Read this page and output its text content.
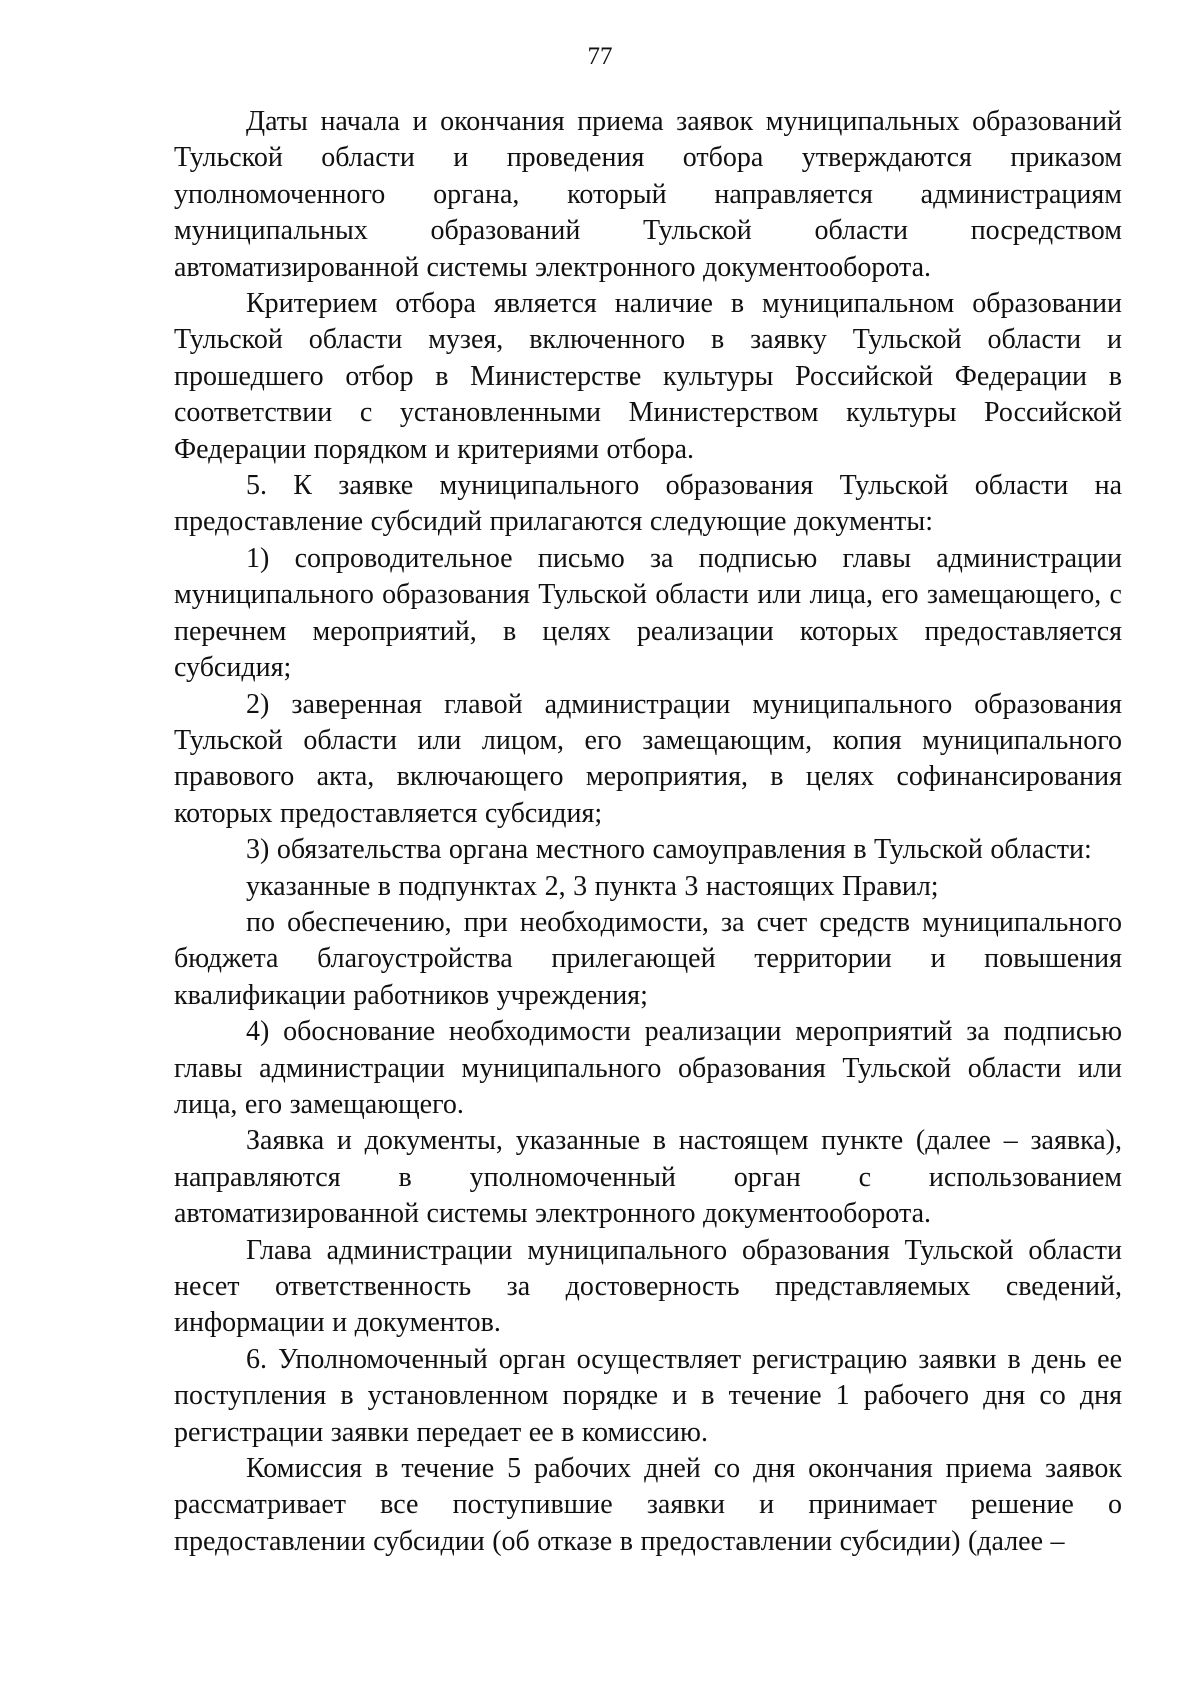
77

Даты начала и окончания приема заявок муниципальных образований Тульской области и проведения отбора утверждаются приказом уполномоченного органа, который направляется администрациям муниципальных образований Тульской области посредством автоматизированной системы электронного документооборота.

Критерием отбора является наличие в муниципальном образовании Тульской области музея, включенного в заявку Тульской области и прошедшего отбор в Министерстве культуры Российской Федерации в соответствии с установленными Министерством культуры Российской Федерации порядком и критериями отбора.

5. К заявке муниципального образования Тульской области на предоставление субсидий прилагаются следующие документы:

1) сопроводительное письмо за подписью главы администрации муниципального образования Тульской области или лица, его замещающего, с перечнем мероприятий, в целях реализации которых предоставляется субсидия;

2) заверенная главой администрации муниципального образования Тульской области или лицом, его замещающим, копия муниципального правового акта, включающего мероприятия, в целях софинансирования которых предоставляется субсидия;

3) обязательства органа местного самоуправления в Тульской области:

указанные в подпунктах 2, 3 пункта 3 настоящих Правил;

по обеспечению, при необходимости, за счет средств муниципального бюджета благоустройства прилегающей территории и повышения квалификации работников учреждения;

4) обоснование необходимости реализации мероприятий за подписью главы администрации муниципального образования Тульской области или лица, его замещающего.

Заявка и документы, указанные в настоящем пункте (далее – заявка), направляются в уполномоченный орган с использованием автоматизированной системы электронного документооборота.

Глава администрации муниципального образования Тульской области несет ответственность за достоверность представляемых сведений, информации и документов.

6. Уполномоченный орган осуществляет регистрацию заявки в день ее поступления в установленном порядке и в течение 1 рабочего дня со дня регистрации заявки передает ее в комиссию.

Комиссия в течение 5 рабочих дней со дня окончания приема заявок рассматривает все поступившие заявки и принимает решение о предоставлении субсидии (об отказе в предоставлении субсидии) (далее –
